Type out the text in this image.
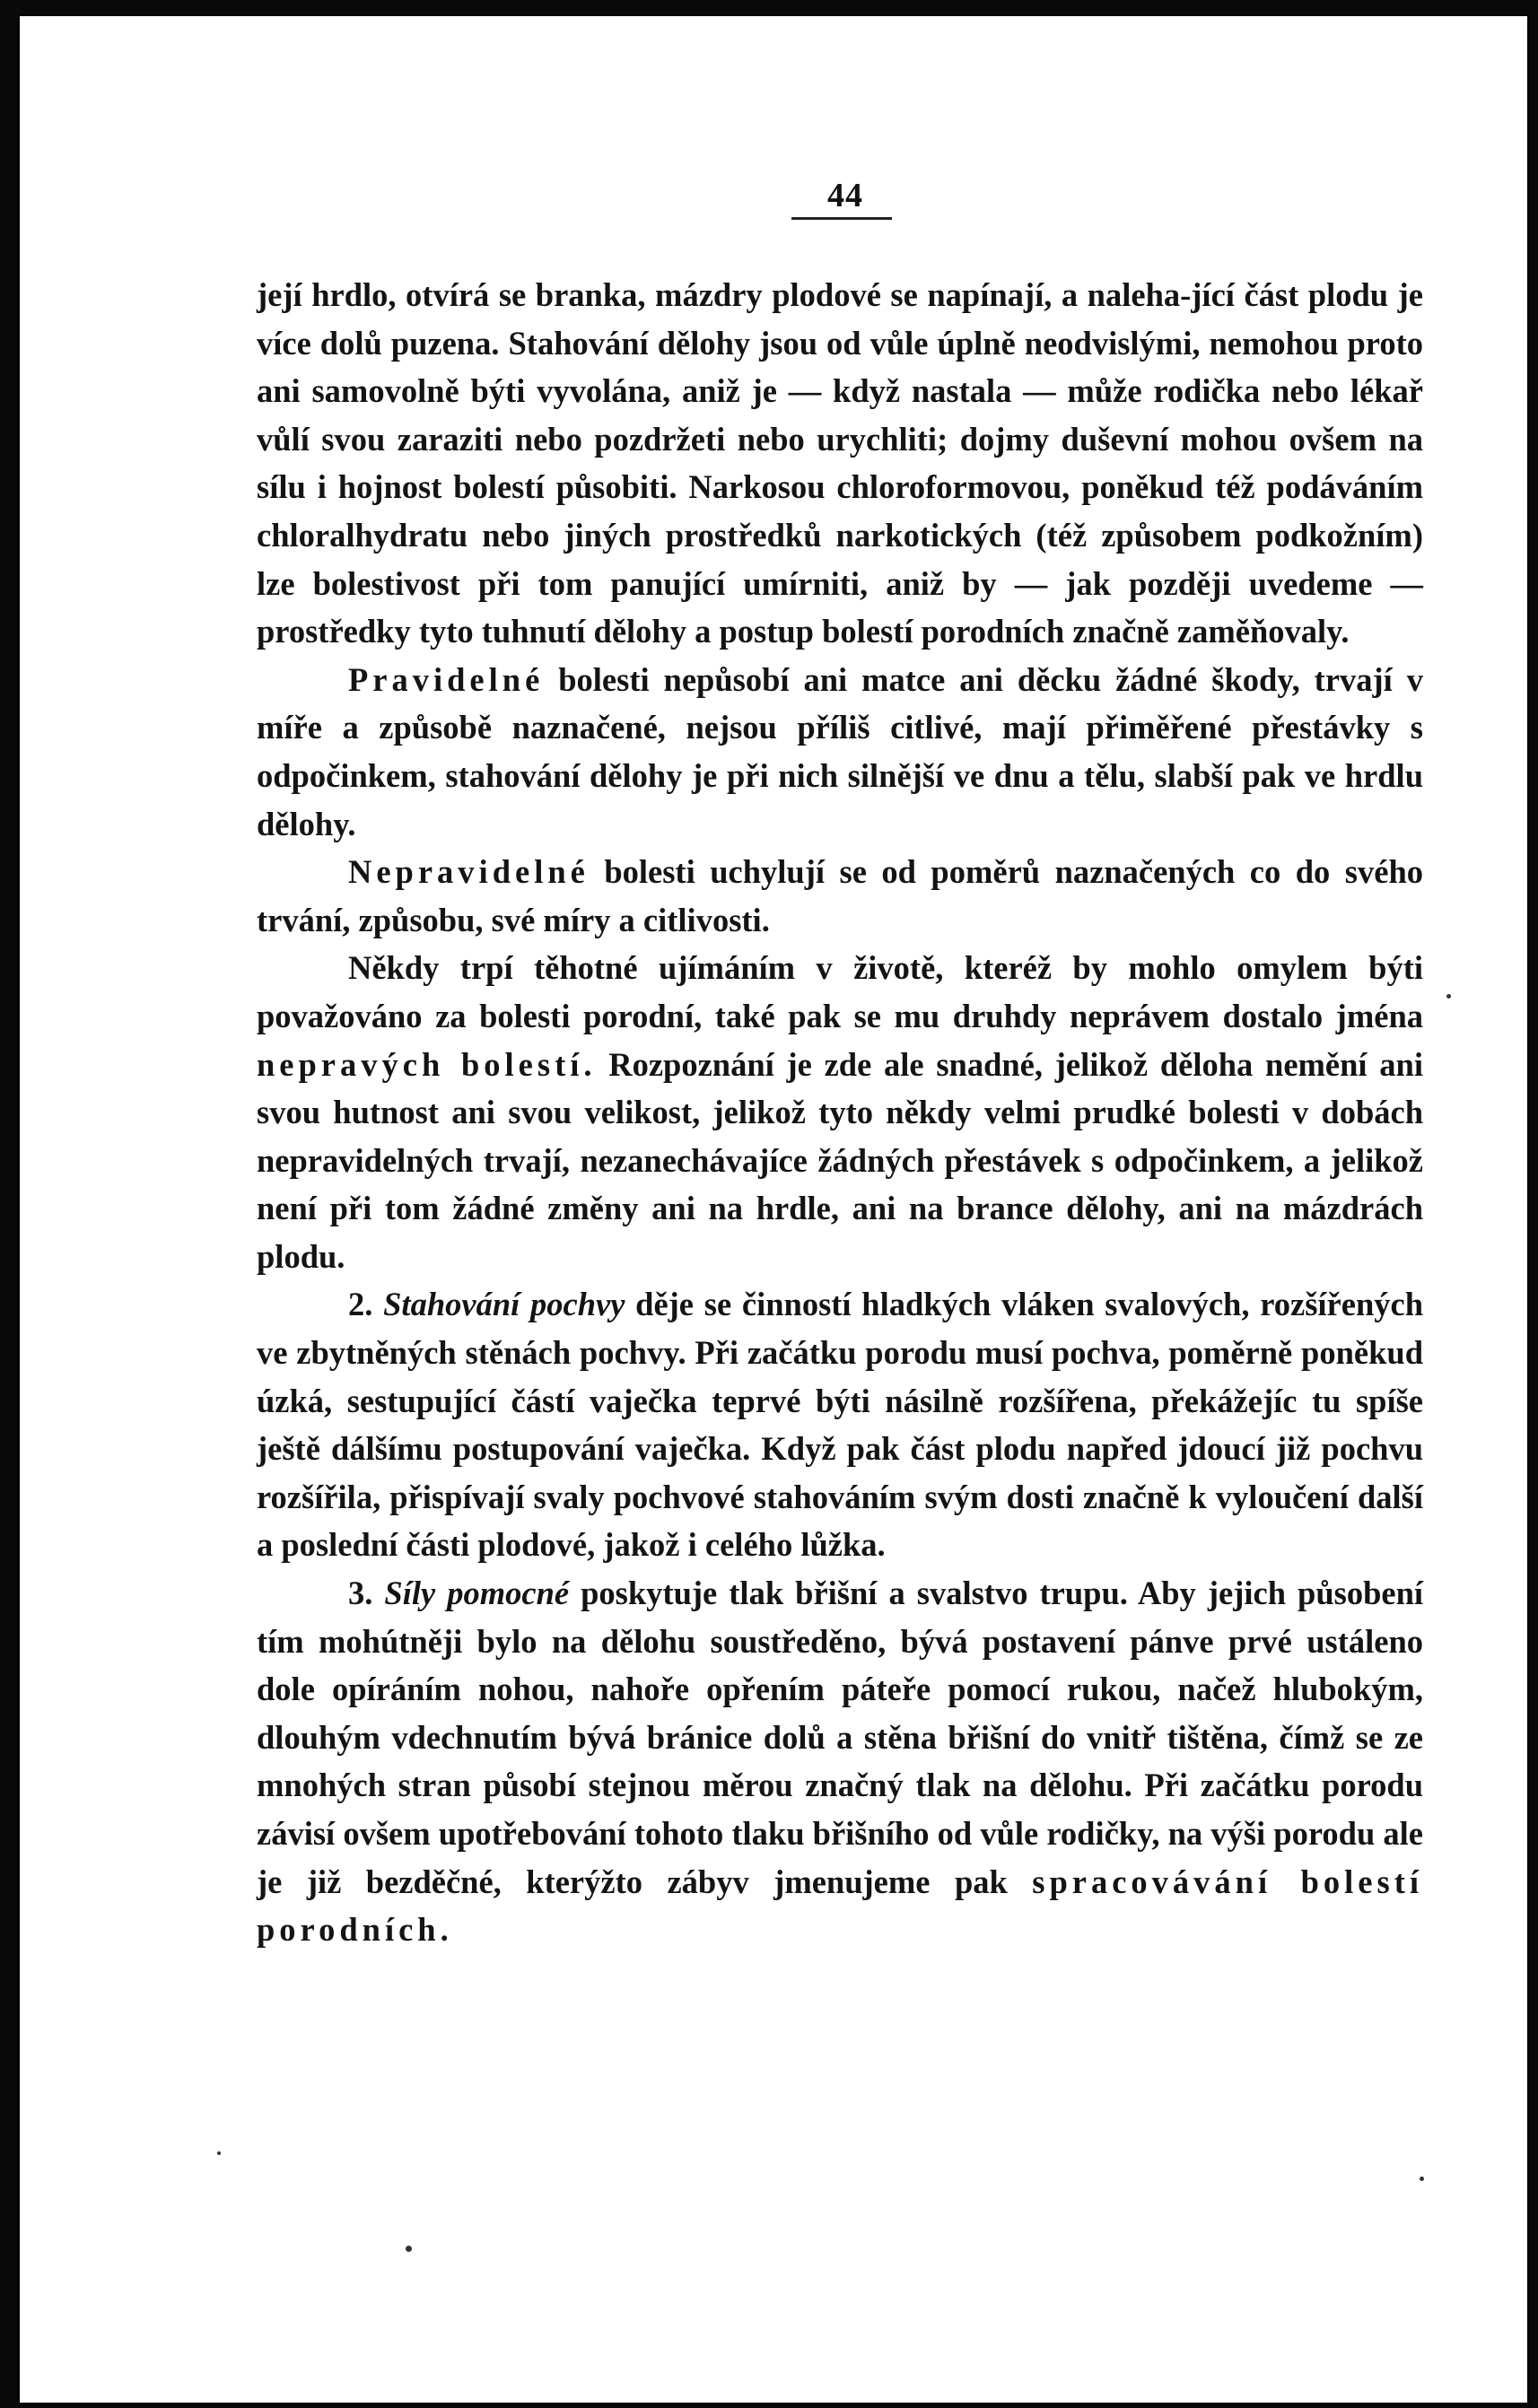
44

její hrdlo, otvírá se branka, mázdry plodové se napínají, a naleha-jící část plodu je více dolů puzena. Stahování dělohy jsou od vůle úplně neodvislými, nemohou proto ani samovolně býti vyvolána, aniž je — když nastala — může rodička nebo lékař vůlí svou zaraziti nebo pozdržeti nebo urychliti; dojmy duševní mohou ovšem na sílu i hojnost bolestí působiti. Narkosou chloroformovou, poněkud též podáváním chloralhydratu nebo jiných prostředků narkotických (též způsobem podkožním) lze bolestivost při tom panující umírniti, aniž by — jak později uvedeme — prostředky tyto tuhnutí dělohy a postup bolestí porodních značně zaměňovaly.

Pravidelné bolesti nepůsobí ani matce ani děcku žádné škody, trvají v míře a způsobě naznačené, nejsou příliš citlivé, mají přiměřené přestávky s odpočinkem, stahování dělohy je při nich silnější ve dnu a tělu, slabší pak ve hrdlu dělohy.

Nepravidelné bolesti uchylují se od poměrů naznačených co do svého trvání, způsobu, své míry a citlivosti.

Někdy trpí těhotné ujímáním v životě, kteréž by mohlo omylem býti považováno za bolesti porodní, také pak se mu druhdy neprávem dostalo jména nepravých bolestí. Rozpoznání je zde ale snadné, jelikož děloha nemění ani svou hutnost ani svou velikost, jelikož tyto někdy velmi prudké bolesti v dobách nepravidelných trvají, nezanechávajíce žádných přestávek s odpočinkem, a jelikož není při tom žádné změny ani na hrdle, ani na brance dělohy, ani na mázdrách plodu.

2. Stahování pochvy děje se činností hladkých vláken svalových, rozšířených ve zbytněných stěnách pochvy. Při začátku porodu musí pochva, poměrně poněkud úzká, sestupující částí vaječka teprvé býti násilně rozšířena, překážejíc tu spíše ještě dálšímu postupování vaječka. Když pak část plodu napřed jdoucí již pochvu rozšířila, přispívají svaly pochvové stahováním svým dosti značně k vyloučení další a poslední části plodové, jakož i celého lůžka.

3. Síly pomocné poskytuje tlak břišní a svalstvo trupu. Aby jejich působení tím mohútněji bylo na dělohu soustředěno, bývá postavení pánve prvé ustáleno dole opíráním nohou, nahoře opřením páteře pomocí rukou, načež hlubokým, dlouhým vdechnutím bývá bránice dolů a stěna břišní do vnitř tištěna, čímž se ze mnohých stran působí stejnou měrou značný tlak na dělohu. Při začátku porodu závisí ovšem upotřebování tohoto tlaku břišního od vůle rodičky, na výši porodu ale je již bezděčné, kterýžto zábyv jmenujeme pak spracovávání bolestí porodních.
